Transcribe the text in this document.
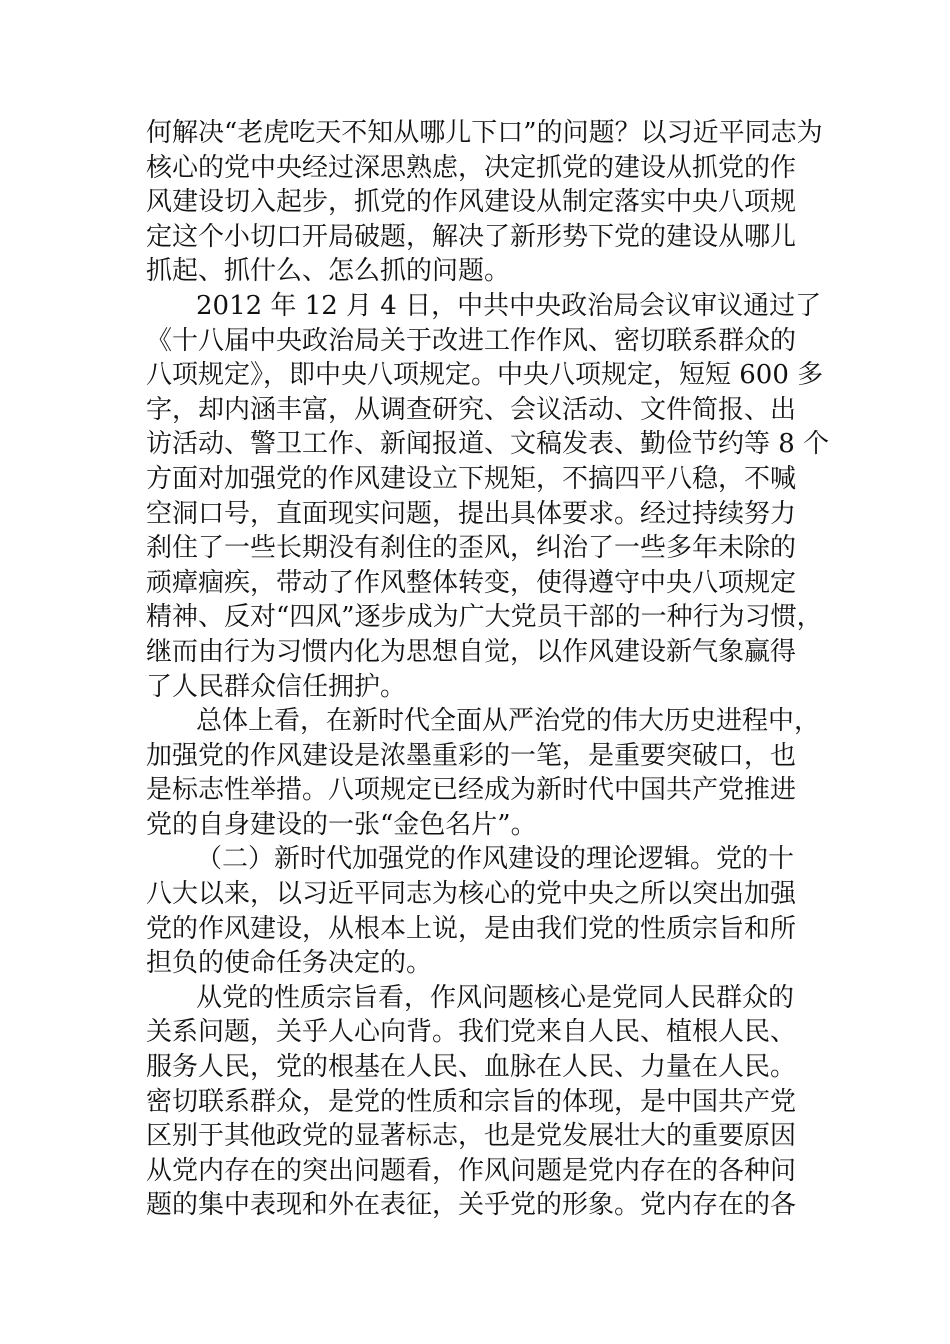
何解决“老虎吃天不知从哪儿下口”的问题？以习近平同志为
核心的党中央经过深思熟虑，决定抓党的建设从抓党的作
风建设切入起步，抓党的作风建设从制定落实中央八项规
定这个小切口开局破题，解决了新形势下党的建设从哪儿
抓起、抓什么、怎么抓的问题。
2012 年 12 月 4 日，中共中央政治局会议审议通过了
《十八届中央政治局关于改进工作作风、密切联系群众的
八项规定》，即中央八项规定。中央八项规定，短短 600 多
字，却内涵丰富，从调查研究、会议活动、文件简报、出
访活动、警卫工作、新闻报道、文稿发表、勤俭节约等 8 个
方面对加强党的作风建设立下规矩，不搞四平八稳，不喊
空洞口号，直面现实问题，提出具体要求。经过持续努力
刹住了一些长期没有刹住的歪风，纠治了一些多年未除的
顽瘴痼疾，带动了作风整体转变，使得遵守中央八项规定
精神、反对“四风”逐步成为广大党员干部的一种行为习惯，
继而由行为习惯内化为思想自觉，以作风建设新气象赢得
了人民群众信任拥护。
总体上看，在新时代全面从严治党的伟大历史进程中，
加强党的作风建设是浓墨重彩的一笔，是重要突破口，也
是标志性举措。八项规定已经成为新时代中国共产党推进
党的自身建设的一张“金色名片”。
（二）新时代加强党的作风建设的理论逻辑。党的十
八大以来，以习近平同志为核心的党中央之所以突出加强
党的作风建设，从根本上说，是由我们党的性质宗旨和所
担负的使命任务决定的。
从党的性质宗旨看，作风问题核心是党同人民群众的
关系问题，关乎人心向背。我们党来自人民、植根人民、
服务人民，党的根基在人民、血脉在人民、力量在人民。
密切联系群众，是党的性质和宗旨的体现，是中国共产党
区别于其他政党的显著标志，也是党发展壮大的重要原因
从党内存在的突出问题看，作风问题是党内存在的各种问
题的集中表现和外在表征，关乎党的形象。党内存在的各
